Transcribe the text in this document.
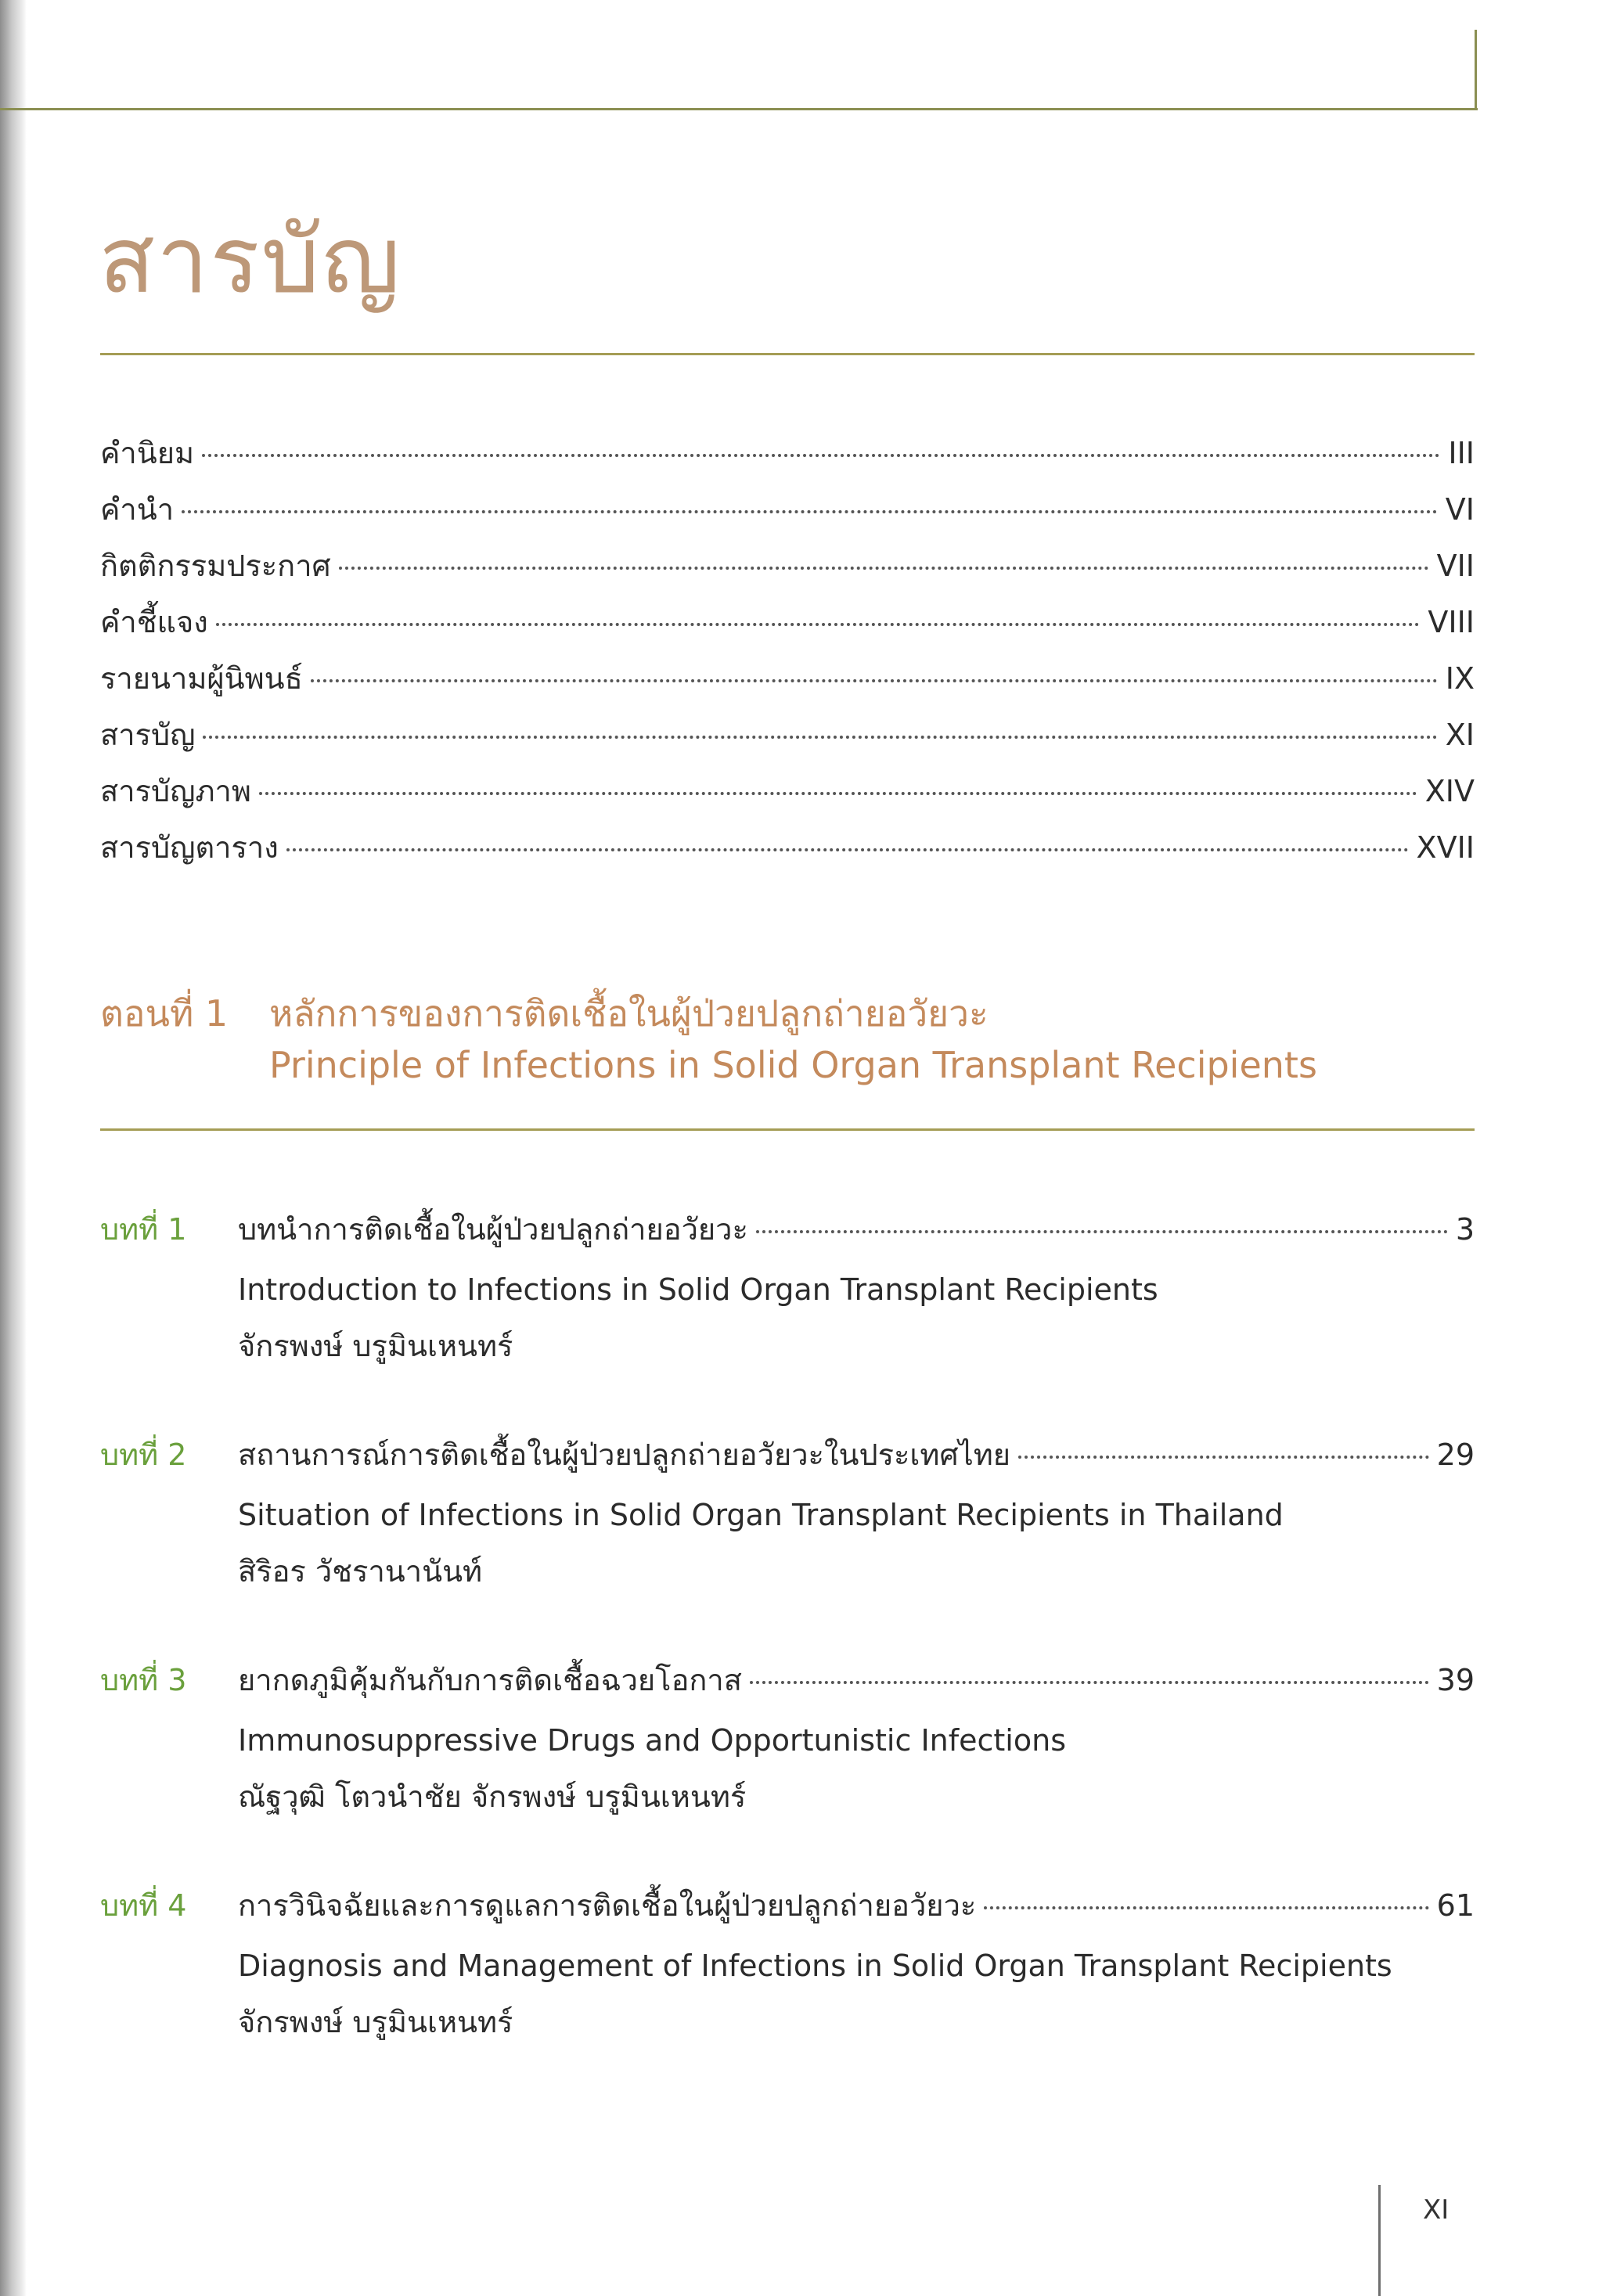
สารบัญ
คำนิยม	III
คำนำ	VI
กิตติกรรมประกาศ	VII
คำชี้แจง	VIII
รายนามผู้นิพนธ์	IX
สารบัญ	XI
สารบัญภาพ	XIV
สารบัญตาราง	XVII
ตอนที่ 1 หลักการของการติดเชื้อในผู้ป่วยปลูกถ่ายอวัยวะ
Principle of Infections in Solid Organ Transplant Recipients
บทที่ 1	บทนำการติดเชื้อในผู้ป่วยปลูกถ่ายอวัยวะ	3
Introduction to Infections in Solid Organ Transplant Recipients
จักรพงษ์ บรูมินเหนทร์
บทที่ 2	สถานการณ์การติดเชื้อในผู้ป่วยปลูกถ่ายอวัยวะในประเทศไทย	29
Situation of Infections in Solid Organ Transplant Recipients in Thailand
สิริอร วัชรานานันท์
บทที่ 3	ยากดภูมิคุ้มกันกับการติดเชื้อฉวยโอกาส	39
Immunosuppressive Drugs and Opportunistic Infections
ณัฐวุฒิ โตวนำชัย จักรพงษ์ บรูมินเหนทร์
บทที่ 4	การวินิจฉัยและการดูแลการติดเชื้อในผู้ป่วยปลูกถ่ายอวัยวะ	61
Diagnosis and Management of Infections in Solid Organ Transplant Recipients
จักรพงษ์ บรูมินเหนทร์
XI
